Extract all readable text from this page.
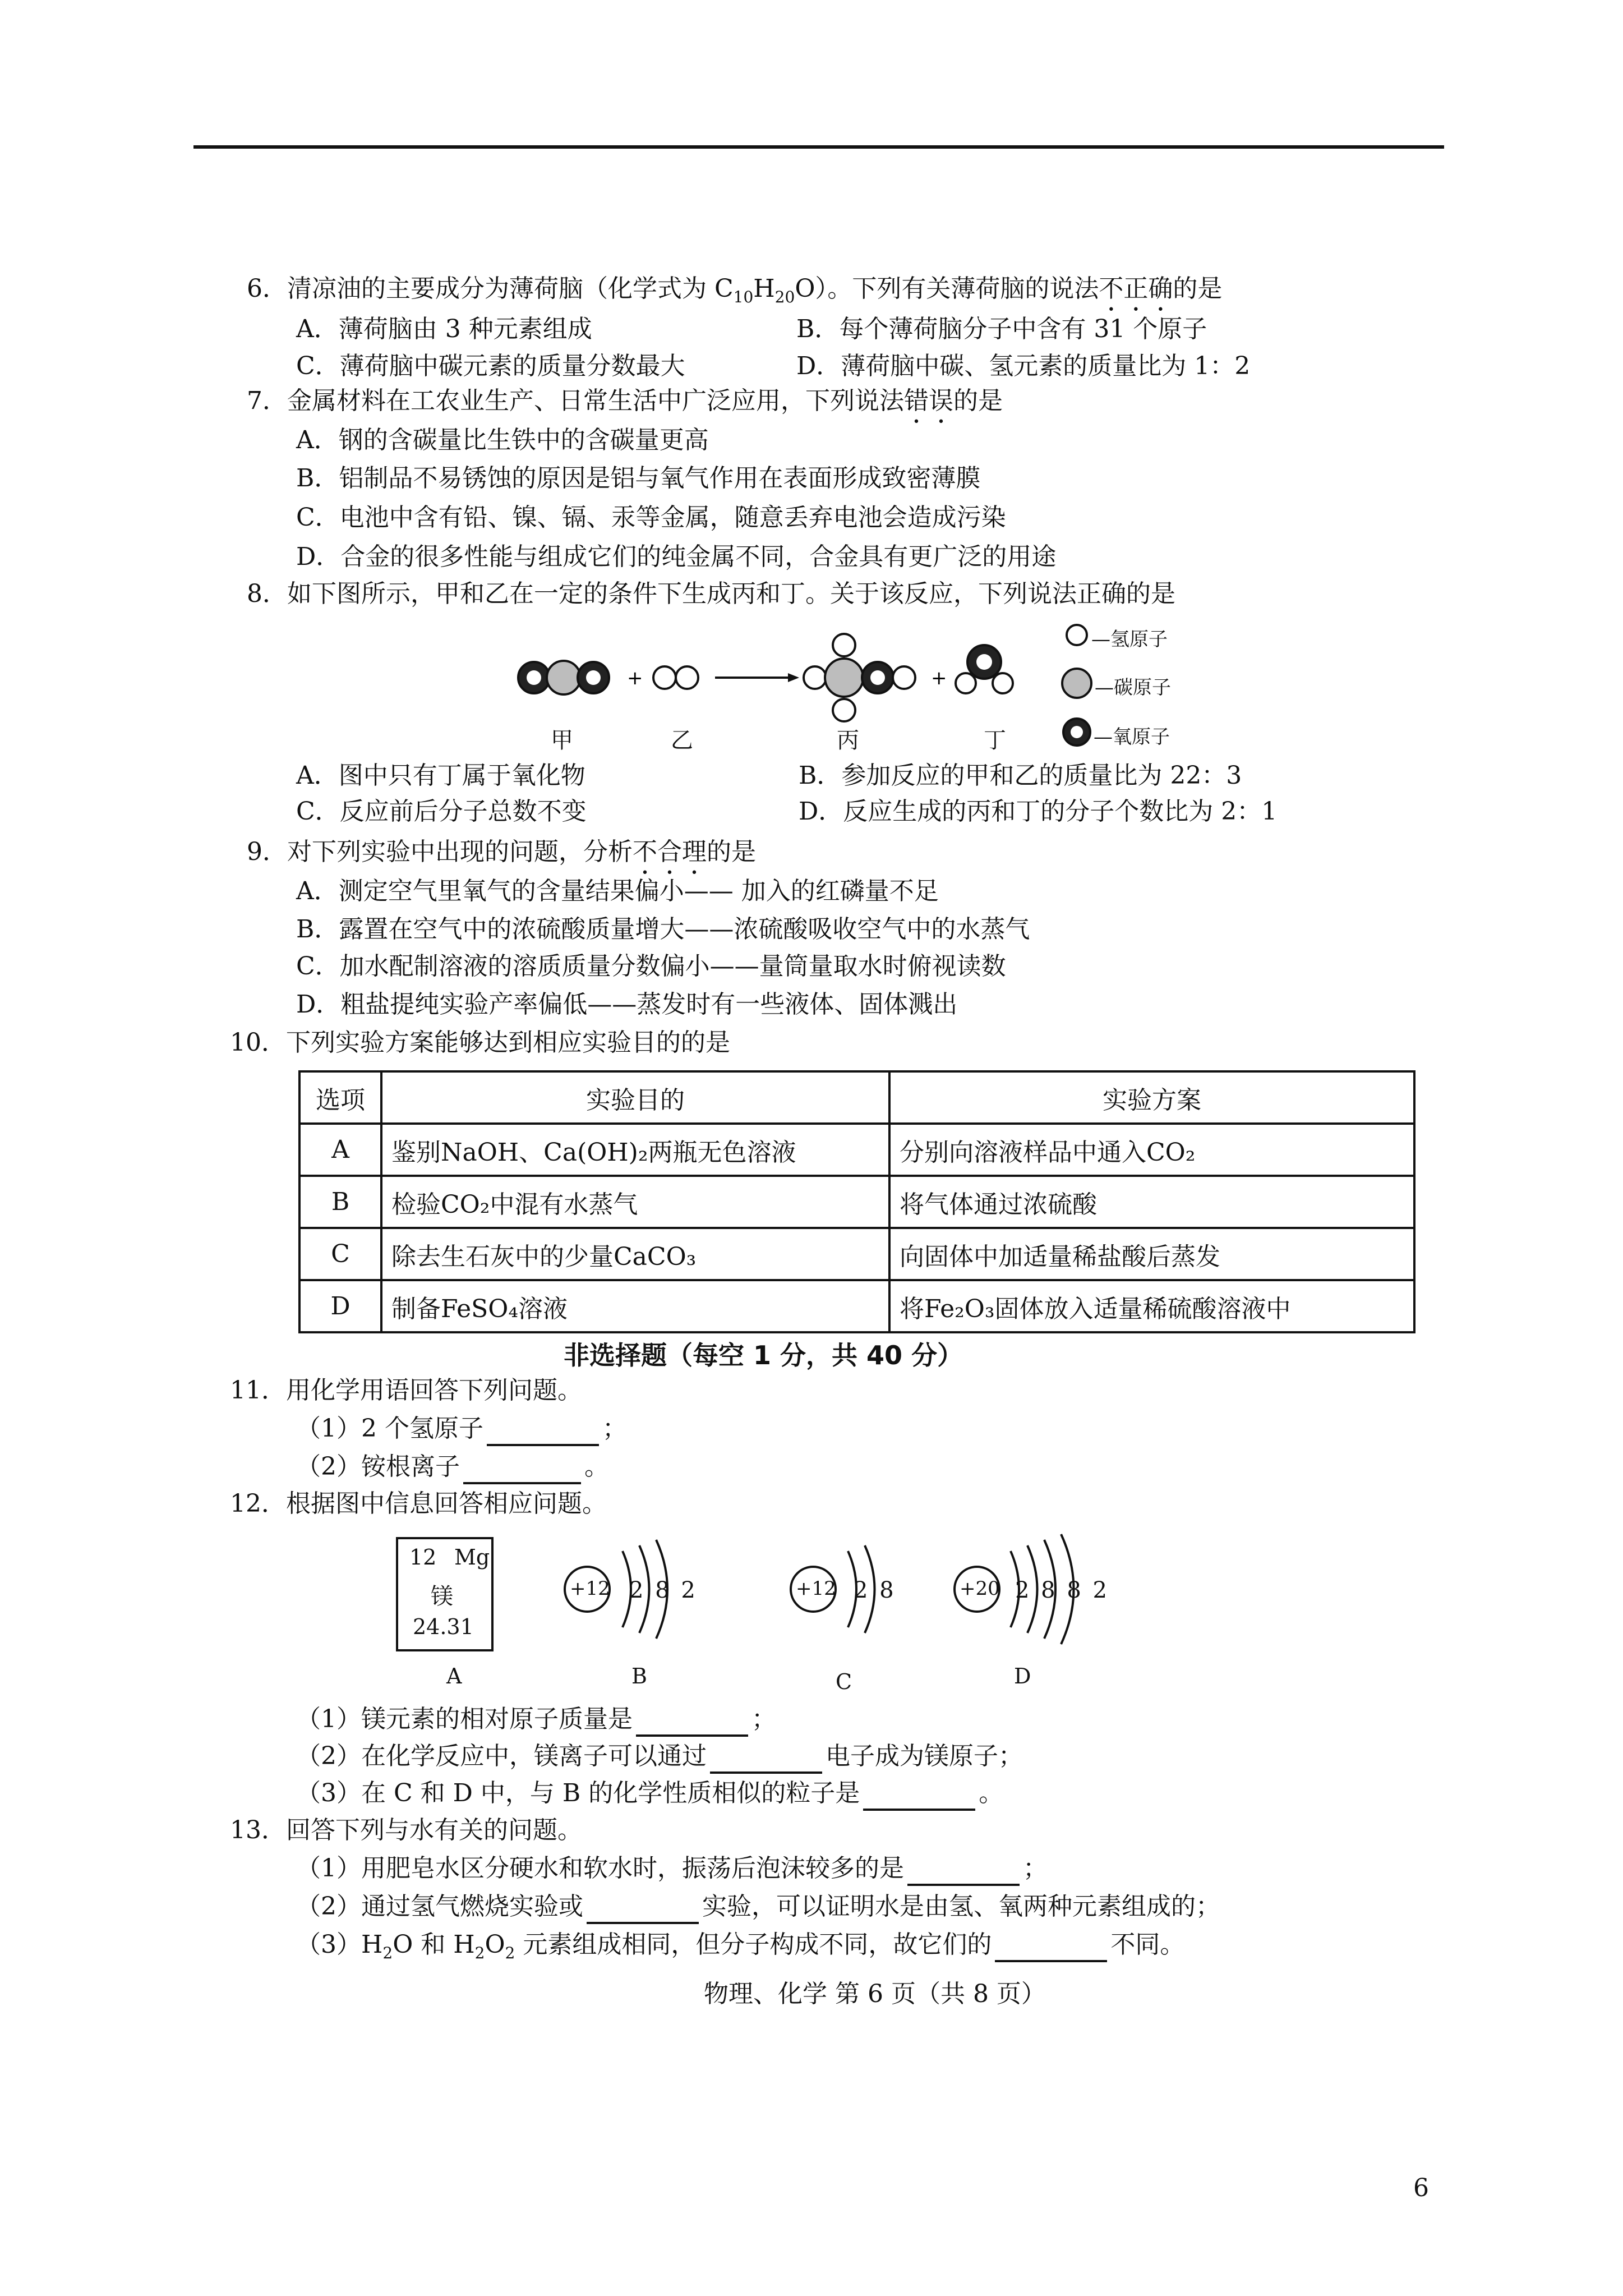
6．清凉油的主要成分为薄荷脑（化学式为 $C_{10}H_{20}O$）。下列有关薄荷脑的说法不正确的是
A．薄荷脑由 3 种元素组成	B．每个薄荷脑分子中含有 31 个原子
C．薄荷脑中碳元素的质量分数最大	D．薄荷脑中碳、氢元素的质量比为 1：2
7．金属材料在工农业生产、日常生活中广泛应用，下列说法错误的是
A．钢的含碳量比生铁中的含碳量更高
B．铝制品不易锈蚀的原因是铝与氧气作用在表面形成致密薄膜
C．电池中含有铅、镍、镉、汞等金属，随意丢弃电池会造成污染
D．合金的很多性能与组成它们的纯金属不同，合金具有更广泛的用途
8．如下图所示，甲和乙在一定的条件下生成丙和丁。关于该反应，下列说法正确的是
+	+
—氢原子
—碳原子
—氧原子
甲	乙	丙	丁
A．图中只有丁属于氧化物	B．参加反应的甲和乙的质量比为 22：3
C．反应前后分子总数不变	D．反应生成的丙和丁的分子个数比为 2：1
9．对下列实验中出现的问题，分析不合理的是
A．测定空气里氧气的含量结果偏小—— 加入的红磷量不足
B．露置在空气中的浓硫酸质量增大——浓硫酸吸收空气中的水蒸气
C．加水配制溶液的溶质质量分数偏小——量筒量取水时俯视读数
D．粗盐提纯实验产率偏低——蒸发时有一些液体、固体溅出
10．下列实验方案能够达到相应实验目的的是
选项	实验目的	实验方案
A	鉴别NaOH、Ca(OH)₂两瓶无色溶液	分别向溶液样品中通入CO₂
B	检验CO₂中混有水蒸气	将气体通过浓硫酸
C	除去生石灰中的少量CaCO₃	向固体中加适量稀盐酸后蒸发
D	制备FeSO₄溶液	将Fe₂O₃固体放入适量稀硫酸溶液中
非选择题（每空 1 分，共 40 分）
11．用化学用语回答下列问题。
（1）2 个氢原子	；
（2）铵根离子	。
12．根据图中信息回答相应问题。
12 Mg
镁
24.31
+12 2 8 2	+12 2 8	+20 2 8 8 2
A	B	C	D
（1）镁元素的相对原子质量是	；
（2）在化学反应中，镁离子可以通过	电子成为镁原子；
（3）在 C 和 D 中，与 B 的化学性质相似的粒子是	。
13．回答下列与水有关的问题。
（1）用肥皂水区分硬水和软水时，振荡后泡沫较多的是	；
（2）通过氢气燃烧实验或	实验，可以证明水是由氢、氧两种元素组成的；
$(3)H_2O$ 和 $H_2O_2$ 元素组成相同，但分子构成不同，故它们的	不同。
物理、化学 第 6 页（共 8 页）
6
